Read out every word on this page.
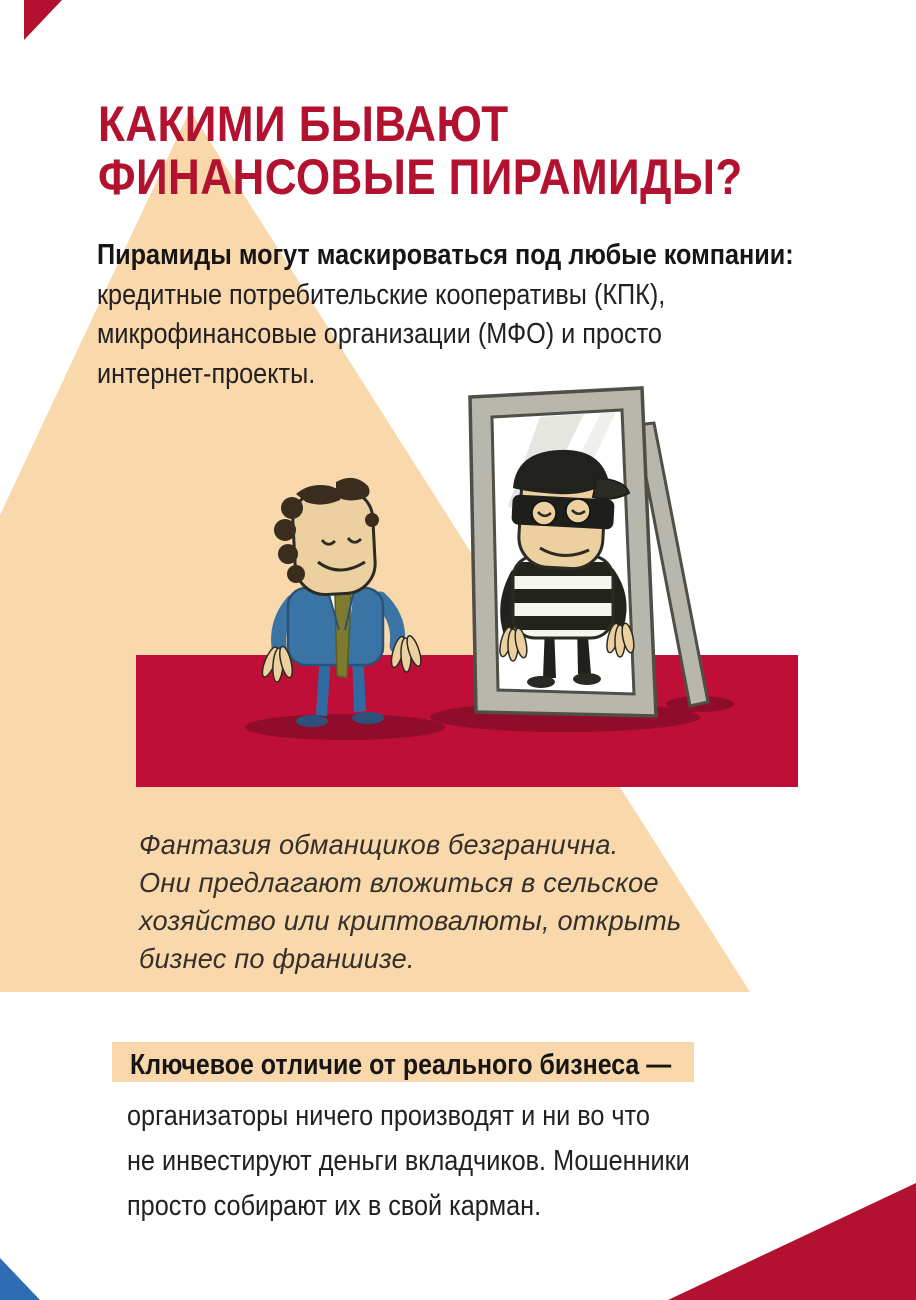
КАКИМИ БЫВАЮТ
ФИНАНСОВЫЕ ПИРАМИДЫ?

Пирамиды могут маскироваться под любые компании:

кредитные потребительские кооперативы (КПК),

микрофинансовые организации (МФО) и просто

интернет-проекты.

Фантазия обманщиков безгранична.

Они предлагают вложиться в сельское

хозяйство или криптовалюты, открыть

бизнес по франшизе.

Ключевое отличие от реального бизнеса —

организаторы ничего производят и ни во что

не инвестируют деньги вкладчиков. Мошенники

просто собирают их в свой карман.
